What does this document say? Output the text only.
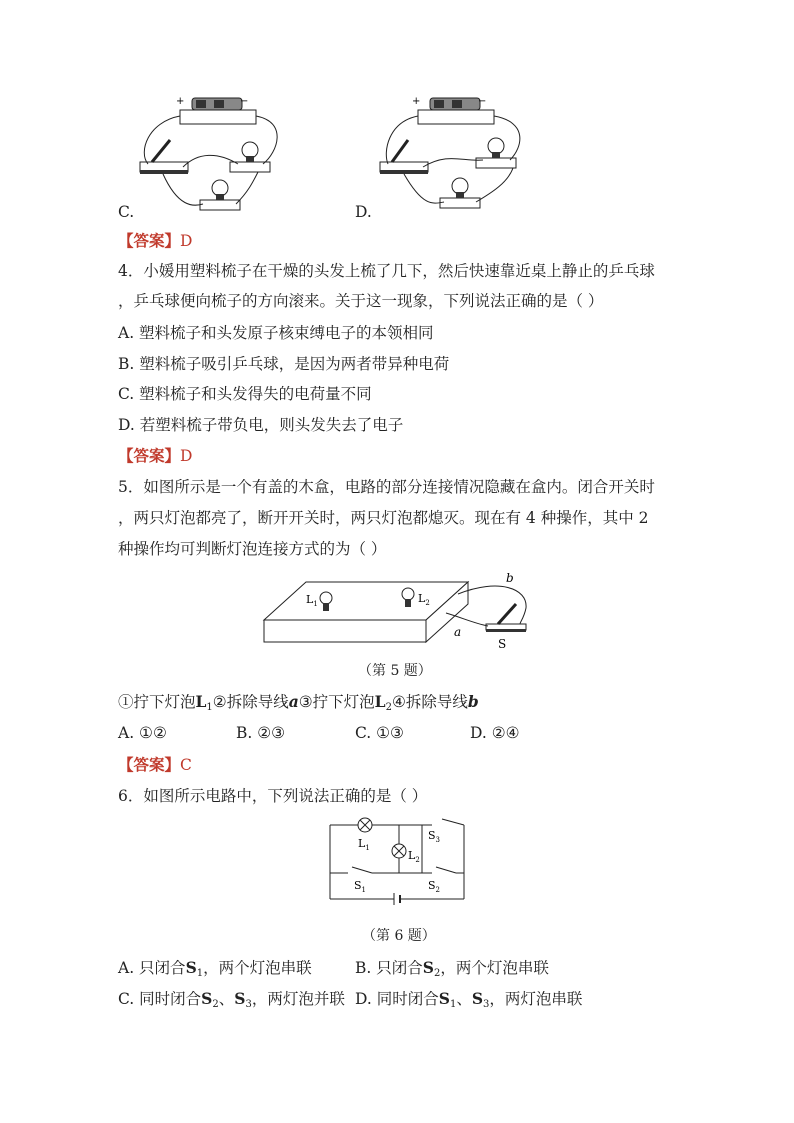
+	−
C.
+	−
D.
【答案】D
4．小媛用塑料梳子在干燥的头发上梳了几下，然后快速靠近桌上静止的乒乓球
，乒乓球便向梳子的方向滚来。关于这一现象，下列说法正确的是（ ）
A. 塑料梳子和头发原子核束缚电子的本领相同
B. 塑料梳子吸引乒乓球，是因为两者带异种电荷
C. 塑料梳子和头发得失的电荷量不同
D. 若塑料梳子带负电，则头发失去了电子
【答案】D
5．如图所示是一个有盖的木盒，电路的部分连接情况隐藏在盒内。闭合开关时
，两只灯泡都亮了，断开开关时，两只灯泡都熄灭。现在有 4 种操作，其中 2
种操作均可判断灯泡连接方式的为（ ）
$L_1$	$L_2$
b
a
S
（第 5 题）
①拧下灯泡$L_1②$拆除导线a③拧下灯泡$L_2④$拆除导线b
A. ①②	B. ②③	C. ①③	D. ②④
【答案】C
6．如图所示电路中，下列说法正确的是（ ）
$L_1$
$L_2$
$S_3$
$S_1$	$S_2$
（第 6 题）
A. 只闭合$S_1$，两个灯泡串联	B. 只闭合$S_2$，两个灯泡串联
C. 同时闭合$S_2$、$S_3$，两灯泡并联 D. 同时闭合$S_1$、$S_3$，两灯泡串联
